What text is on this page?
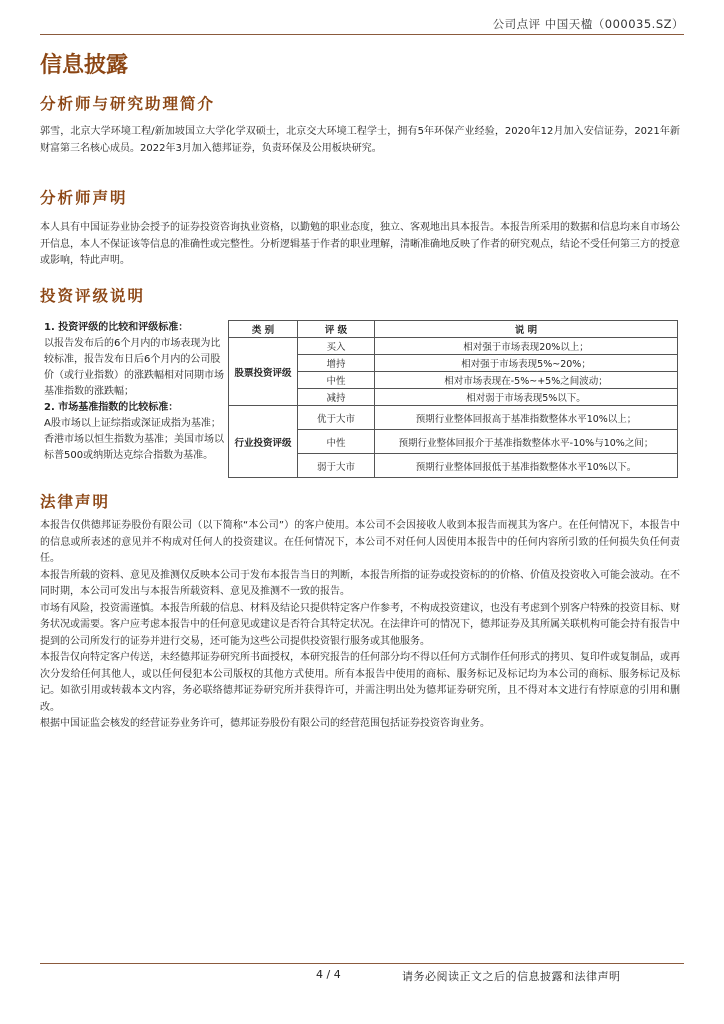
公司点评 中国天楹（000035.SZ）
信息披露
分析师与研究助理简介

郭雪，北京大学环境工程/新加坡国立大学化学双硕士，北京交大环境工程学士，拥有5年环保产业经验，2020年12月加入安信证券，2021年新财富第三名核心成员。2022年3月加入德邦证券，负责环保及公用板块研究。

分析师声明

本人具有中国证券业协会授予的证券投资咨询执业资格，以勤勉的职业态度，独立、客观地出具本报告。本报告所采用的数据和信息均来自市场公开信息，本人不保证该等信息的准确性或完整性。分析逻辑基于作者的职业理解，清晰准确地反映了作者的研究观点，结论不受任何第三方的授意或影响，特此声明。

投资评级说明
1. 投资评级的比较和评级标准：
以报告发布后的6个月内的市场表现为比较标准，报告发布日后6个月内的公司股价（或行业指数）的涨跌幅相对同期市场基准指数的涨跌幅；
2. 市场基准指数的比较标准：
A股市场以上证综指或深证成指为基准；香港市场以恒生指数为基准；美国市场以标普500或纳斯达克综合指数为基准。
类 别	评 级	说 明
股票投资评级	买入	相对强于市场表现20%以上；
	增持	相对强于市场表现5%~20%；
	中性	相对市场表现在-5%~+5%之间波动；
	减持	相对弱于市场表现5%以下。
行业投资评级	优于大市	预期行业整体回报高于基准指数整体水平10%以上；
	中性	预期行业整体回报介于基准指数整体水平-10%与10%之间；
	弱于大市	预期行业整体回报低于基准指数整体水平10%以下。
法律声明

本报告仅供德邦证券股份有限公司（以下简称“本公司”）的客户使用。本公司不会因接收人收到本报告而视其为客户。在任何情况下，本报告中的信息或所表述的意见并不构成对任何人的投资建议。在任何情况下，本公司不对任何人因使用本报告中的任何内容所引致的任何损失负任何责任。

本报告所载的资料、意见及推测仅反映本公司于发布本报告当日的判断，本报告所指的证券或投资标的的价格、价值及投资收入可能会波动。在不同时期，本公司可发出与本报告所载资料、意见及推测不一致的报告。

市场有风险，投资需谨慎。本报告所载的信息、材料及结论只提供特定客户作参考，不构成投资建议，也没有考虑到个别客户特殊的投资目标、财务状况或需要。客户应考虑本报告中的任何意见或建议是否符合其特定状况。在法律许可的情况下，德邦证券及其所属关联机构可能会持有报告中提到的公司所发行的证券并进行交易，还可能为这些公司提供投资银行服务或其他服务。

本报告仅向特定客户传送，未经德邦证券研究所书面授权，本研究报告的任何部分均不得以任何方式制作任何形式的拷贝、复印件或复制品，或再次分发给任何其他人，或以任何侵犯本公司版权的其他方式使用。所有本报告中使用的商标、服务标记及标记均为本公司的商标、服务标记及标记。如欲引用或转载本文内容，务必联络德邦证券研究所并获得许可，并需注明出处为德邦证券研究所，且不得对本文进行有悖原意的引用和删改。

根据中国证监会核发的经营证券业务许可，德邦证券股份有限公司的经营范围包括证券投资咨询业务。

4 / 4	请务必阅读正文之后的信息披露和法律声明
